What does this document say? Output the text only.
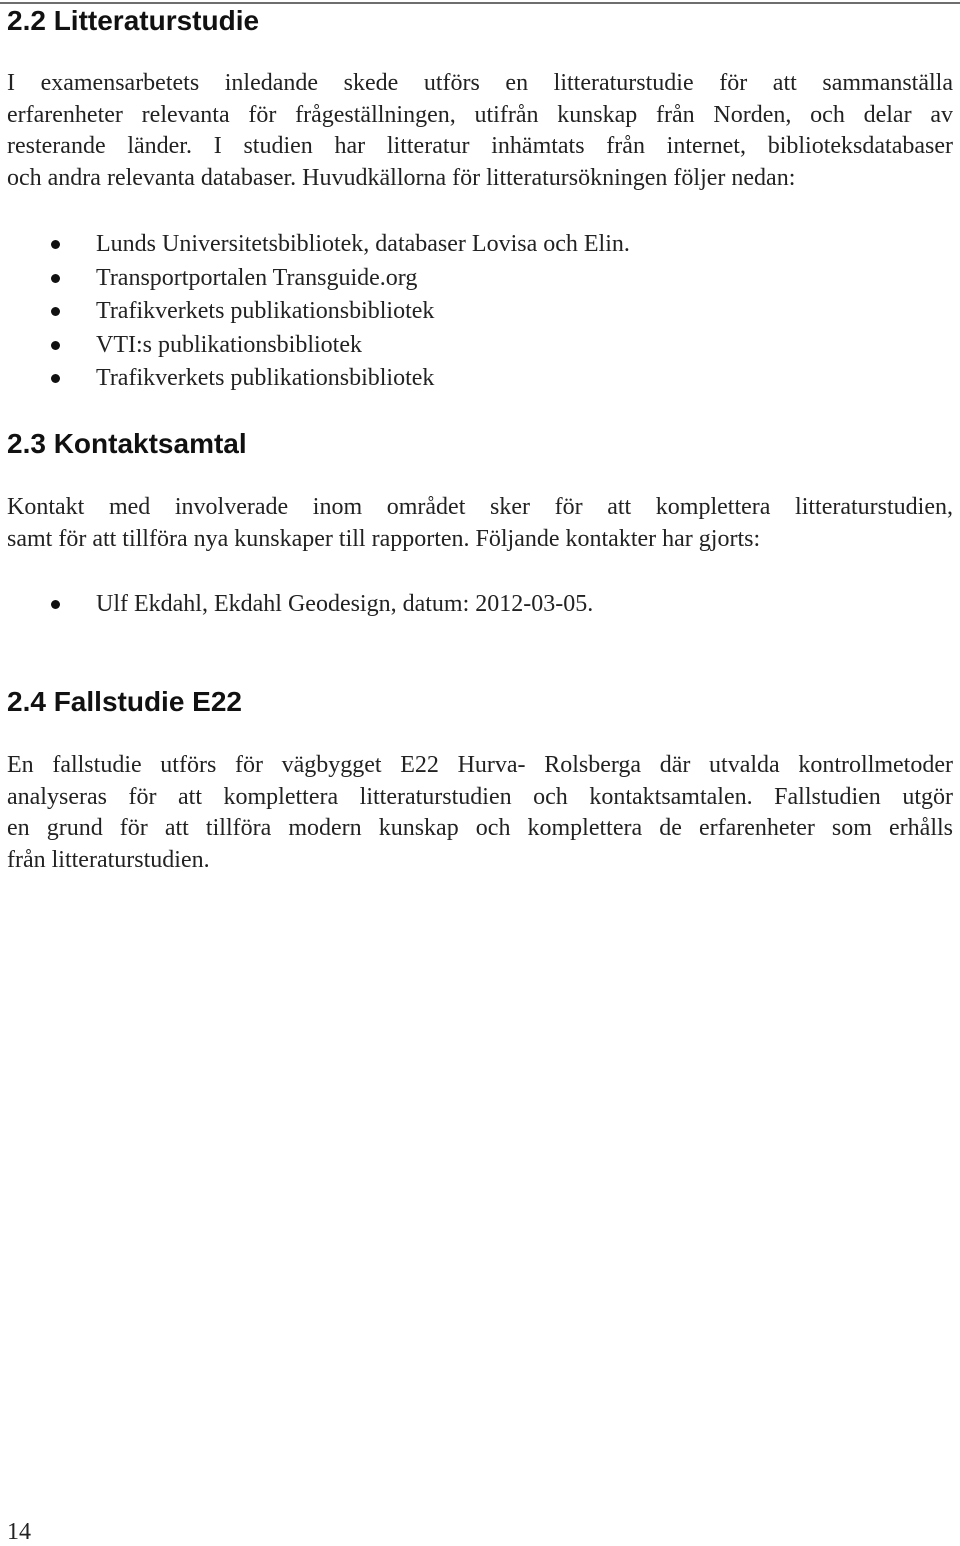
2.2 Litteraturstudie

I examensarbetets inledande skede utförs en litteraturstudie för att sammanställa
erfarenheter relevanta för frågeställningen, utifrån kunskap från Norden, och delar av
resterande länder. I studien har litteratur inhämtats från internet, biblioteksdatabaser
och andra relevanta databaser. Huvudkällorna för litteratursökningen följer nedan:

Lunds Universitetsbibliotek, databaser Lovisa och Elin.
Transportportalen Transguide.org
Trafikverkets publikationsbibliotek
VTI:s publikationsbibliotek
Trafikverkets publikationsbibliotek
2.3 Kontaktsamtal

Kontakt med involverade inom området sker för att komplettera litteraturstudien,
samt för att tillföra nya kunskaper till rapporten. Följande kontakter har gjorts:

Ulf Ekdahl, Ekdahl Geodesign, datum: 2012-03-05.
2.4 Fallstudie E22

En fallstudie utförs för vägbygget E22 Hurva- Rolsberga där utvalda kontrollmetoder
analyseras för att komplettera litteraturstudien och kontaktsamtalen. Fallstudien utgör
en grund för att tillföra modern kunskap och komplettera de erfarenheter som erhålls
från litteraturstudien.

14
